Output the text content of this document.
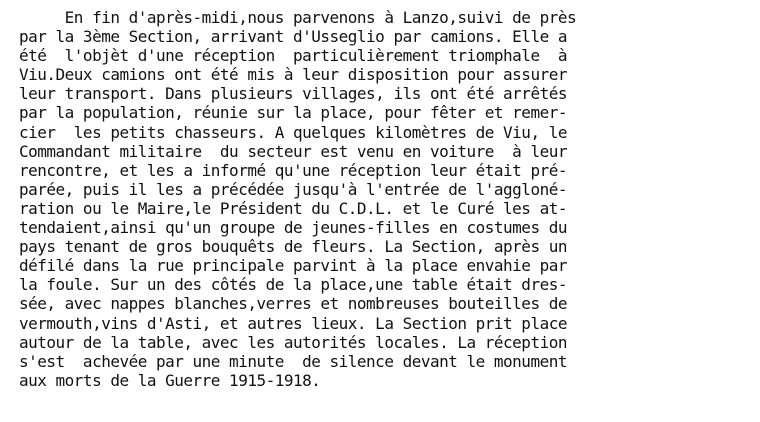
En fin d'après-midi,nous parvenons à Lanzo,suivi de près
par la 3ème Section, arrivant d'Usseglio par camions. Elle a
été  l'objèt d'une réception  particulièrement triomphale  à
Viu.Deux camions ont été mis à leur disposition pour assurer
leur transport. Dans plusieurs villages, ils ont été arrêtés
par la population, réunie sur la place, pour fêter et remer-
cier  les petits chasseurs. A quelques kilomètres de Viu, le
Commandant militaire  du secteur est venu en voiture  à leur
rencontre, et les a informé qu'une réception leur était pré-
parée, puis il les a précédée jusqu'à l'entrée de l'aggloné-
ration ou le Maire,le Président du C.D.L. et le Curé les at-
tendaient,ainsi qu'un groupe de jeunes-filles en costumes du
pays tenant de gros bouquêts de fleurs. La Section, après un
défilé dans la rue principale parvint à la place envahie par
la foule. Sur un des côtés de la place,une table était dres-
sée, avec nappes blanches,verres et nombreuses bouteilles de
vermouth,vins d'Asti, et autres lieux. La Section prit place
autour de la table, avec les autorités locales. La réception
s'est  achevée par une minute  de silence devant le monument
aux morts de la Guerre 1915-1918.
